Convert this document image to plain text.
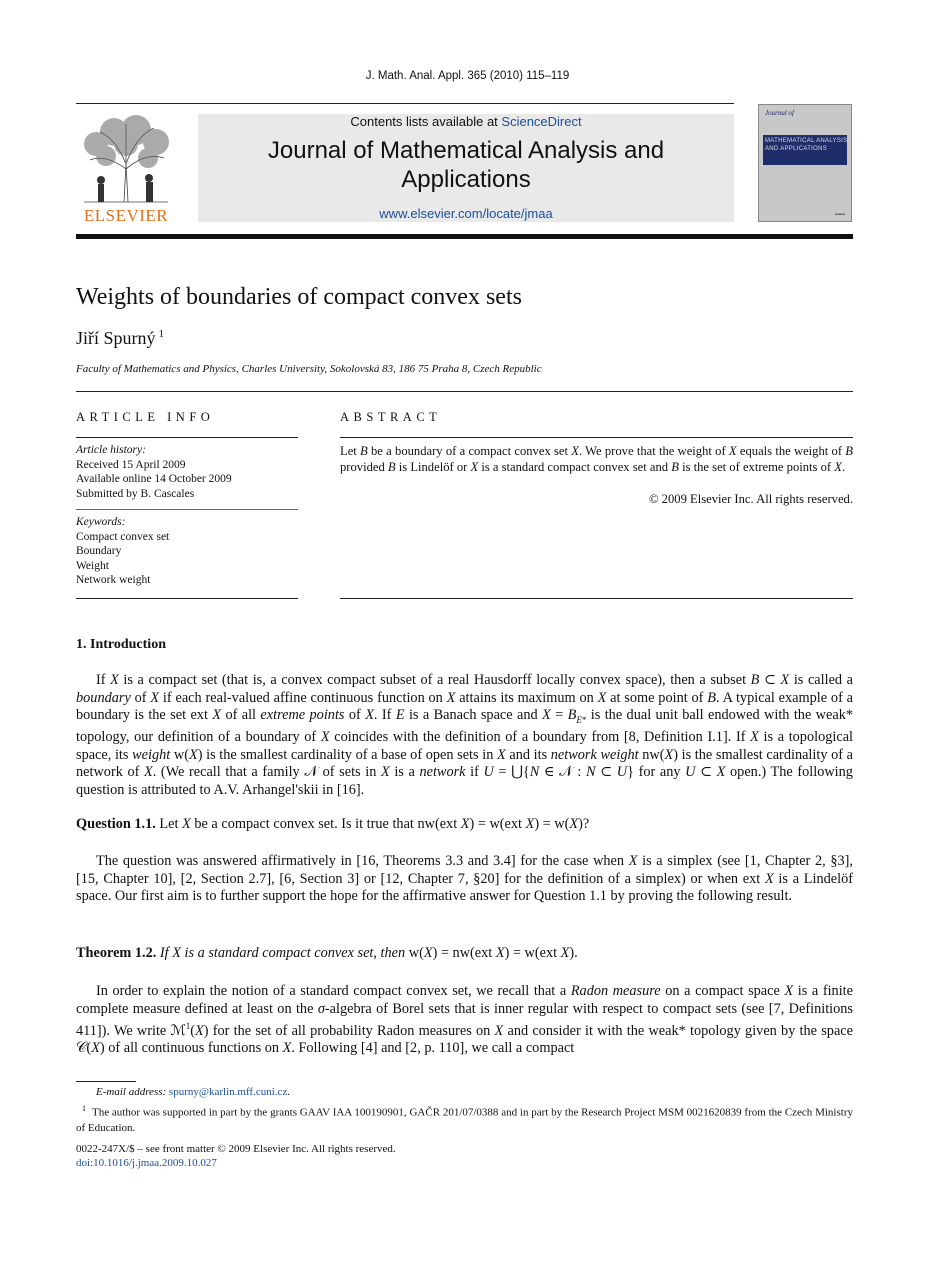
J. Math. Anal. Appl. 365 (2010) 115–119
ELSEVIER
Contents lists available at ScienceDirect
Journal of Mathematical Analysis and
Applications
www.elsevier.com/locate/jmaa
Journal of
MATHEMATICAL ANALYSIS AND APPLICATIONS
▬▬
Weights of boundaries of compact convex sets
Jiří Spurný $^1$
Faculty of Mathematics and Physics, Charles University, Sokolovská 83, 186 75 Praha 8, Czech Republic
ARTICLE INFO
Article history:
Received 15 April 2009
Available online 14 October 2009
Submitted by B. Cascales
Keywords:
Compact convex set
Boundary
Weight
Network weight
ABSTRACT
Let B be a boundary of a compact convex set X. We prove that the weight of X equals the weight of B provided B is Lindelöf or X is a standard compact convex set and B is the set of extreme points of X.
© 2009 Elsevier Inc. All rights reserved.
1. Introduction
If X is a compact set (that is, a convex compact subset of a real Hausdorff locally convex space), then a subset B ⊂ X is called a boundary of X if each real-valued affine continuous function on X attains its maximum on X at some point of B. A typical example of a boundary is the set ext X of all extreme points of X. If E is a Banach space and $X = B_{E*}$ is the dual unit ball endowed with the weak* topology, our definition of a boundary of X coincides with the definition of a boundary from [8, Definition I.1]. If X is a topological space, its weight w(X) is the smallest cardinality of a base of open sets in X and its network weight nw(X) is the smallest cardinality of a network of X. (We recall that a family 𝒩 of sets in X is a network if U = ⋃{N ∈ 𝒩 : N ⊂ U} for any U ⊂ X open.) The following question is attributed to A.V. Arhangel'skii in [16].
Question 1.1. Let X be a compact convex set. Is it true that nw(ext X) = w(ext X) = w(X)?
The question was answered affirmatively in [16, Theorems 3.3 and 3.4] for the case when X is a simplex (see [1, Chapter 2, §3], [15, Chapter 10], [2, Section 2.7], [6, Section 3] or [12, Chapter 7, §20] for the definition of a simplex) or when ext X is a Lindelöf space. Our first aim is to further support the hope for the affirmative answer for Question 1.1 by proving the following result.
Theorem 1.2. If X is a standard compact convex set, then w(X) = nw(ext X) = w(ext X).
In order to explain the notion of a standard compact convex set, we recall that a Radon measure on a compact space X is a finite complete measure defined at least on the σ-algebra of Borel sets that is inner regular with respect to compact sets (see [7, Definitions 411]). We write ℳ$^1$(X) for the set of all probability Radon measures on X and consider it with the weak* topology given by the space 𝒞(X) of all continuous functions on X. Following [4] and [2, p. 110], we call a compact
E-mail address: spurny@karlin.mff.cuni.cz.
$^1$ The author was supported in part by the grants GAAV IAA 100190901, GAČR 201/07/0388 and in part by the Research Project MSM 0021620839 from the Czech Ministry of Education.
0022-247X/$ – see front matter © 2009 Elsevier Inc. All rights reserved.
doi:10.1016/j.jmaa.2009.10.027
